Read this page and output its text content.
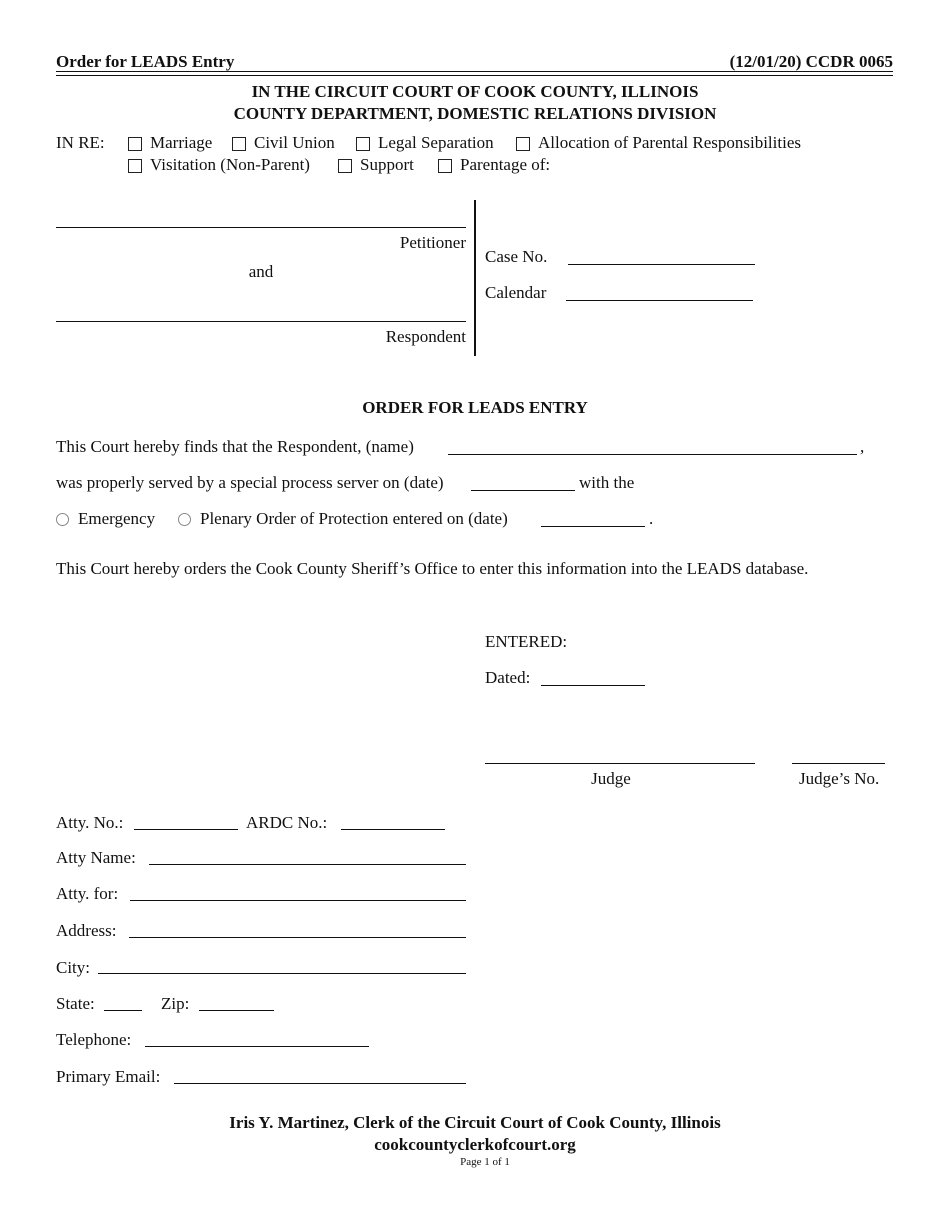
Order for LEADS Entry	(12/01/20) CCDR 0065
IN THE CIRCUIT COURT OF COOK COUNTY, ILLINOIS
COUNTY DEPARTMENT, DOMESTIC RELATIONS DIVISION
IN RE:	Marriage Civil Union	Legal Separation	Allocation of Parental Responsibilities
Visitation (Non-Parent)	Support	Parentage of:
Petitioner
and
Respondent
Case No.
Calendar
ORDER FOR LEADS ENTRY
This Court hereby finds that the Respondent, (name)	,
was properly served by a special process server on (date)	with the
Emergency	Plenary Order of Protection entered on (date)	.
This Court hereby orders the Cook County Sheriff’s Office to enter this information into the LEADS database.
ENTERED:
Dated:
Judge	Judge’s No.
Atty. No.:	ARDC No.:
Atty Name:
Atty. for:
Address:
City:
State:	Zip:
Telephone:
Primary Email:
Iris Y. Martinez, Clerk of the Circuit Court of Cook County, Illinois
cookcountyclerkofcourt.org
Page 1 of 1
